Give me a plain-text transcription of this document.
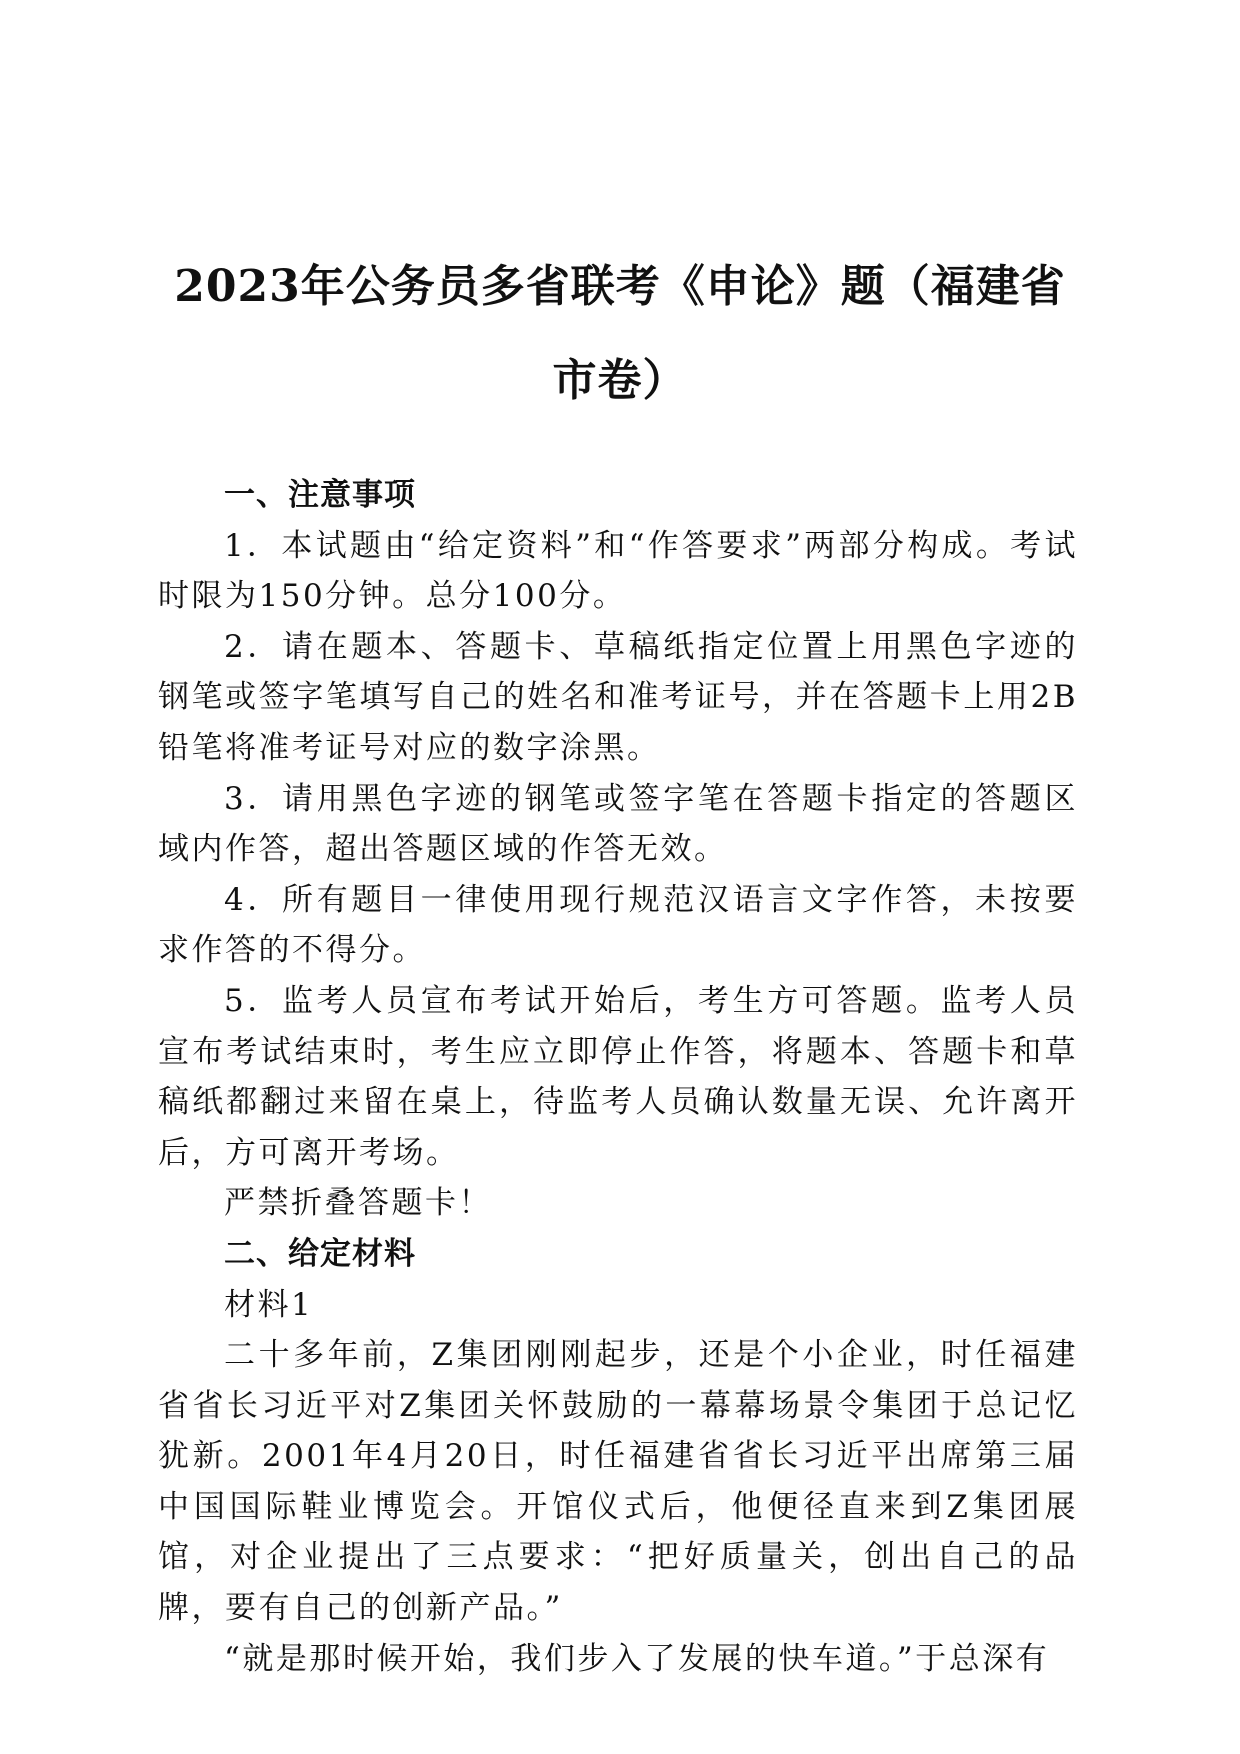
2023年公务员多省联考《申论》题（福建省
市卷）

一、注意事项

1．本试题由“给定资料”和“作答要求”两部分构成。考试时限为150分钟。总分100分。

2．请在题本、答题卡、草稿纸指定位置上用黑色字迹的钢笔或签字笔填写自己的姓名和准考证号，并在答题卡上用2B铅笔将准考证号对应的数字涂黑。

3．请用黑色字迹的钢笔或签字笔在答题卡指定的答题区域内作答，超出答题区域的作答无效。

4．所有题目一律使用现行规范汉语言文字作答，未按要求作答的不得分。

5．监考人员宣布考试开始后，考生方可答题。监考人员宣布考试结束时，考生应立即停止作答，将题本、答题卡和草稿纸都翻过来留在桌上，待监考人员确认数量无误、允许离开后，方可离开考场。

严禁折叠答题卡！

二、给定材料

材料1

二十多年前，Z集团刚刚起步，还是个小企业，时任福建省省长习近平对Z集团关怀鼓励的一幕幕场景令集团于总记忆犹新。2001年4月20日，时任福建省省长习近平出席第三届中国国际鞋业博览会。开馆仪式后，他便径直来到Z集团展馆，对企业提出了三点要求：“把好质量关，创出自己的品牌，要有自己的创新产品。”

“就是那时候开始，我们步入了发展的快车道。”于总深有
